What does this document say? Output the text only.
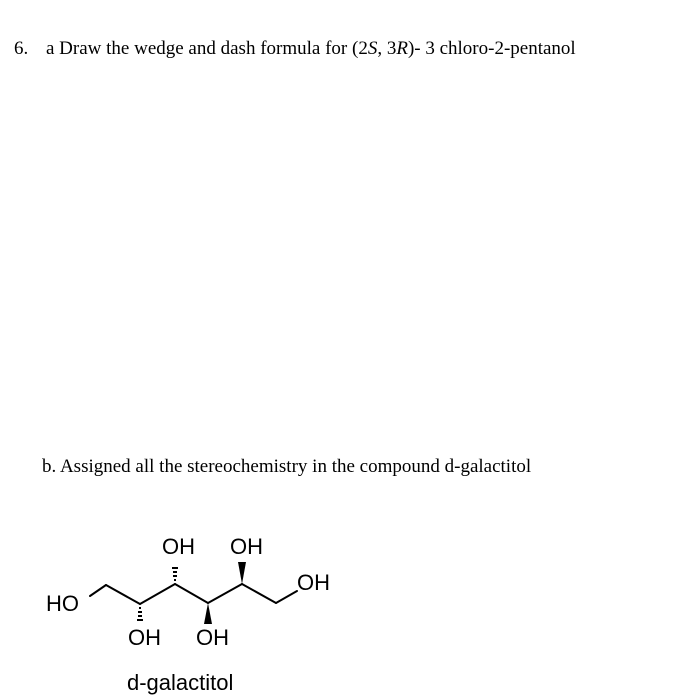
6. a Draw the wedge and dash formula for (2S, 3R)- 3 chloro-2-pentanol
b. Assigned all the stereochemistry in the compound d-galactitol
HO
OH
OH OH
OH OH
d-galactitol
